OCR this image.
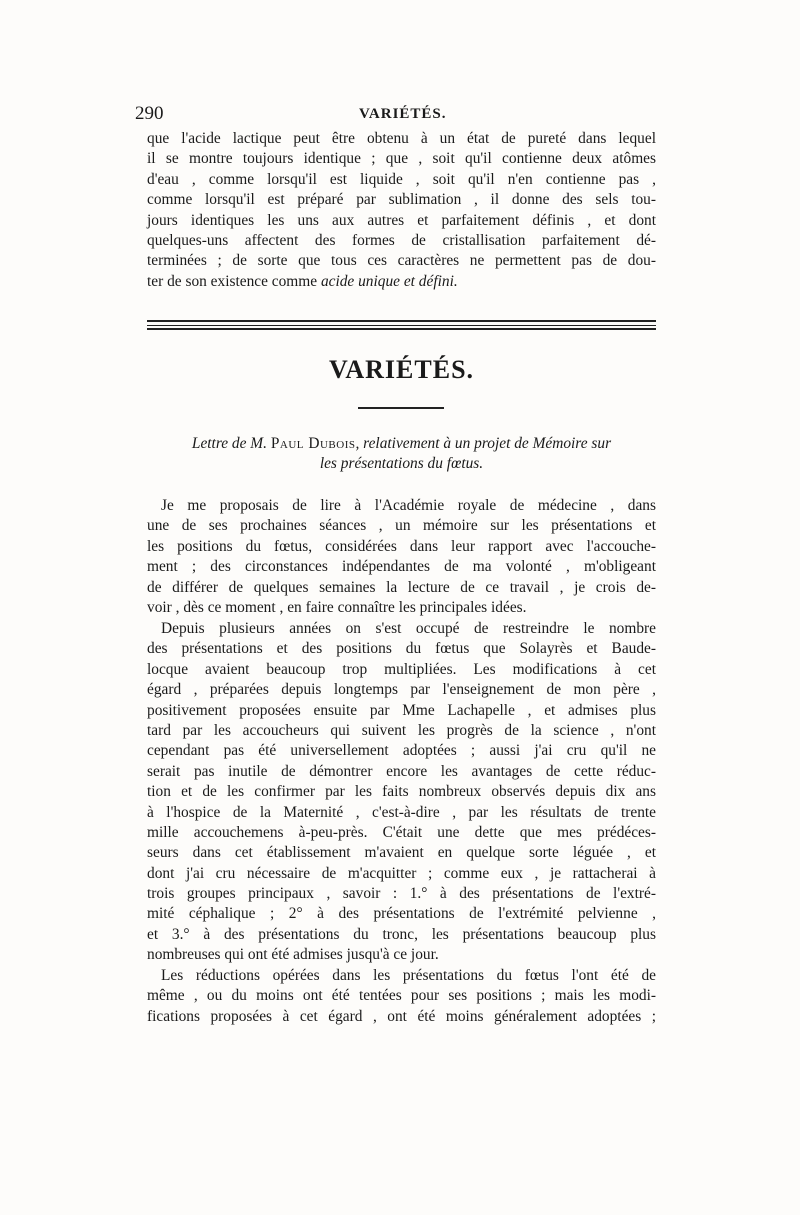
290	VARIÉTÉS.
que l'acide lactique peut être obtenu à un état de pureté dans lequel
il se montre toujours identique ; que , soit qu'il contienne deux atômes
d'eau , comme lorsqu'il est liquide , soit qu'il n'en contienne pas ,
comme lorsqu'il est préparé par sublimation , il donne des sels tou-
jours identiques les uns aux autres et parfaitement définis , et dont
quelques-uns affectent des formes de cristallisation parfaitement dé-
terminées ; de sorte que tous ces caractères ne permettent pas de dou-
ter de son existence comme acide unique et défini.
VARIÉTÉS.
Lettre de M. Paul Dubois, relativement à un projet de Mémoire sur
les présentations du fœtus.
Je me proposais de lire à l'Académie royale de médecine , dans
une de ses prochaines séances , un mémoire sur les présentations et
les positions du fœtus, considérées dans leur rapport avec l'accouche-
ment ; des circonstances indépendantes de ma volonté , m'obligeant
de différer de quelques semaines la lecture de ce travail , je crois de-
voir , dès ce moment , en faire connaître les principales idées.
Depuis plusieurs années on s'est occupé de restreindre le nombre
des présentations et des positions du fœtus que Solayrès et Baude-
locque avaient beaucoup trop multipliées. Les modifications à cet
égard , préparées depuis longtemps par l'enseignement de mon père ,
positivement proposées ensuite par Mme Lachapelle , et admises plus
tard par les accoucheurs qui suivent les progrès de la science , n'ont
cependant pas été universellement adoptées ; aussi j'ai cru qu'il ne
serait pas inutile de démontrer encore les avantages de cette réduc-
tion et de les confirmer par les faits nombreux observés depuis dix ans
à l'hospice de la Maternité , c'est-à-dire , par les résultats de trente
mille accouchemens à-peu-près. C'était une dette que mes prédéces-
seurs dans cet établissement m'avaient en quelque sorte léguée , et
dont j'ai cru nécessaire de m'acquitter ; comme eux , je rattacherai à
trois groupes principaux , savoir : 1.° à des présentations de l'extré-
mité céphalique ; 2° à des présentations de l'extrémité pelvienne ,
et 3.° à des présentations du tronc, les présentations beaucoup plus
nombreuses qui ont été admises jusqu'à ce jour.
Les réductions opérées dans les présentations du fœtus l'ont été de
même , ou du moins ont été tentées pour ses positions ; mais les modi-
fications proposées à cet égard , ont été moins généralement adoptées ;
